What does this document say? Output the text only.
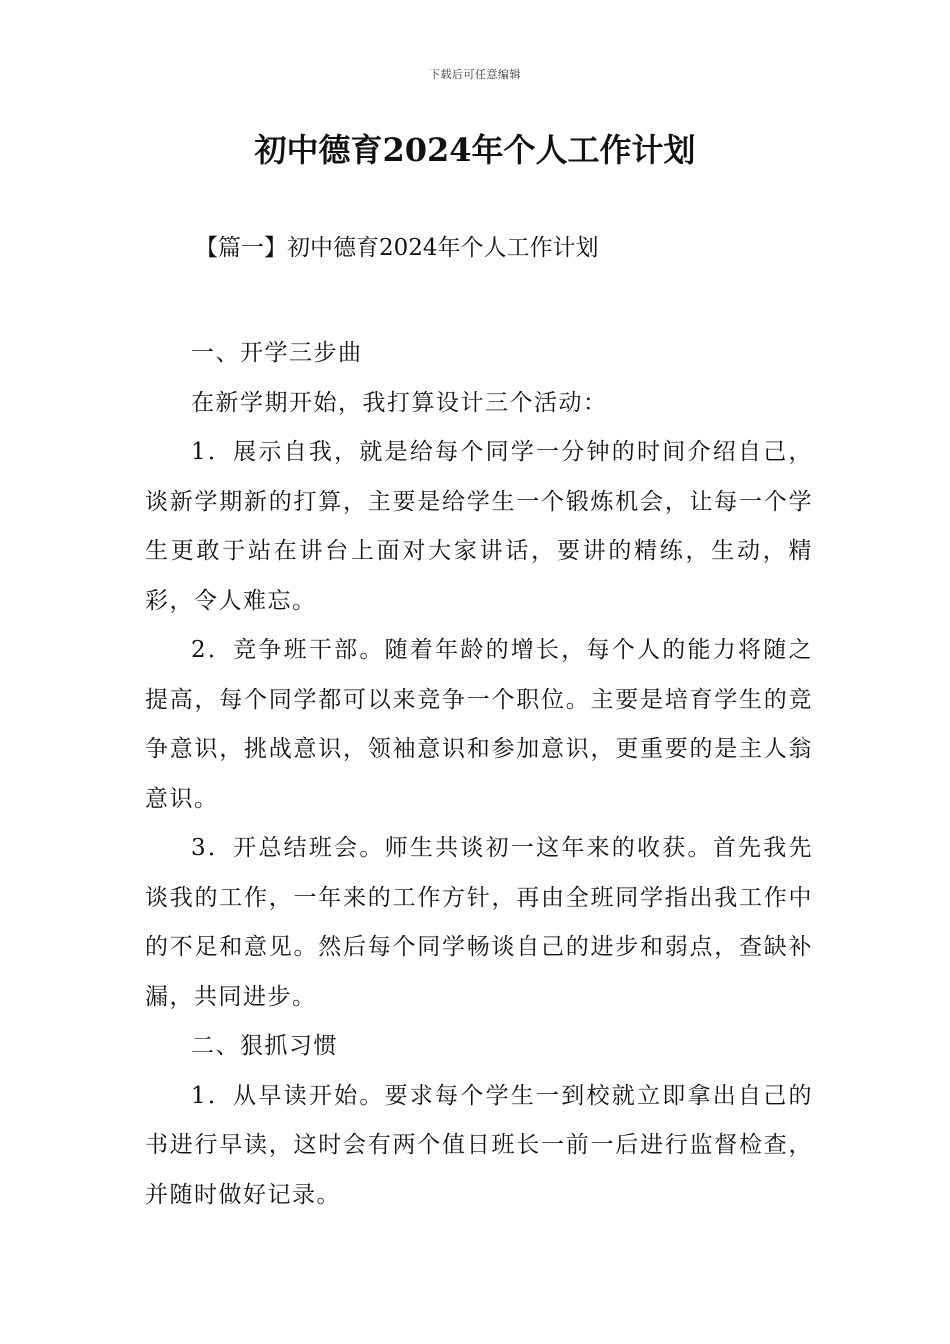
下载后可任意编辑
初中德育2024年个人工作计划

【篇一】初中德育2024年个人工作计划

一、开学三步曲

在新学期开始，我打算设计三个活动：

1．展示自我，就是给每个同学一分钟的时间介绍自己，谈新学期新的打算，主要是给学生一个锻炼机会，让每一个学生更敢于站在讲台上面对大家讲话，要讲的精练，生动，精彩，令人难忘。

2．竞争班干部。随着年龄的增长，每个人的能力将随之提高，每个同学都可以来竞争一个职位。主要是培育学生的竞争意识，挑战意识，领袖意识和参加意识，更重要的是主人翁意识。

3．开总结班会。师生共谈初一这年来的收获。首先我先谈我的工作，一年来的工作方针，再由全班同学指出我工作中的不足和意见。然后每个同学畅谈自己的进步和弱点，查缺补漏，共同进步。

二、狠抓习惯

1．从早读开始。要求每个学生一到校就立即拿出自己的书进行早读，这时会有两个值日班长一前一后进行监督检查，并随时做好记录。
